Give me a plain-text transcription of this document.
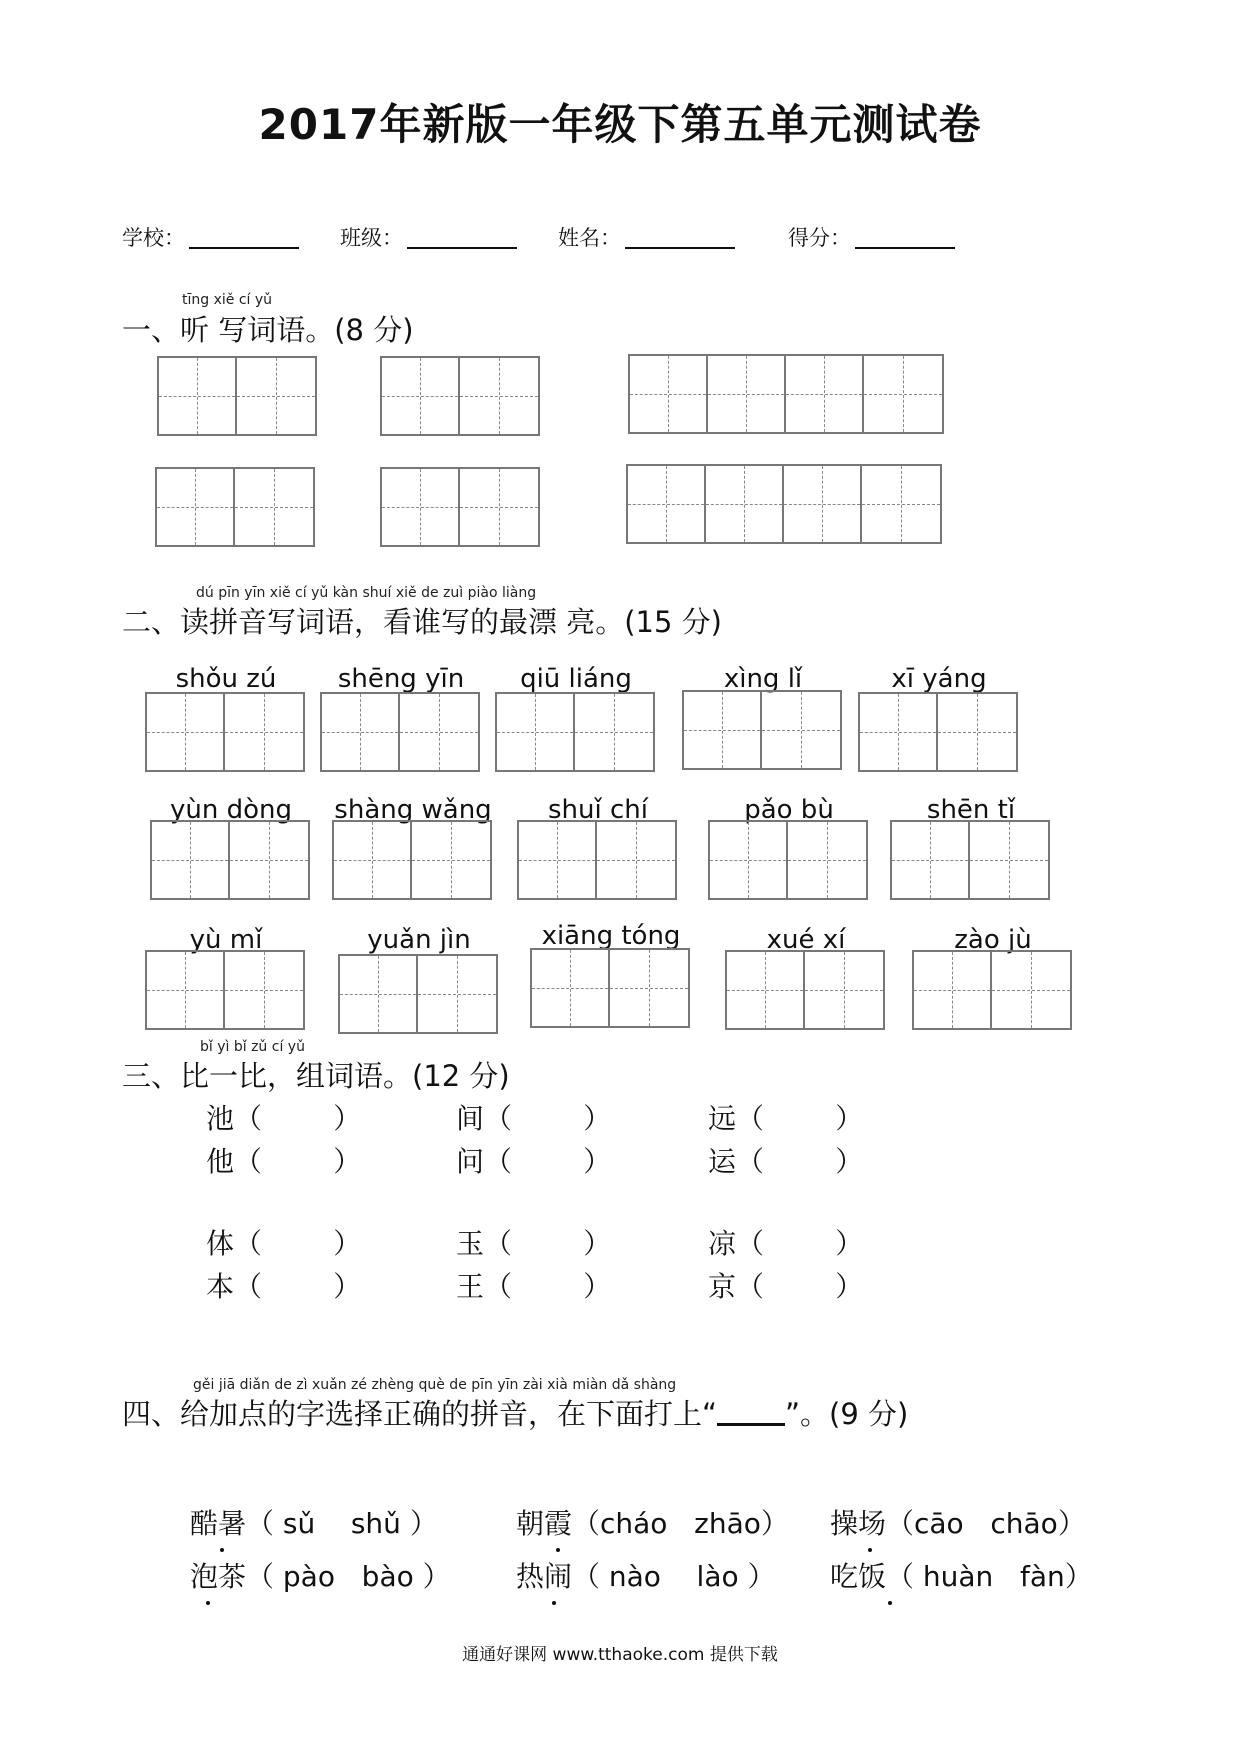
2017年新版一年级下第五单元测试卷
学校：	班级：	姓名：	得分：
tīng xiě cí yǔ
一、听 写词语。(8 分)
dú pīn yīn xiě cí yǔ kàn shuí xiě de zuì piào liàng
二、读拼音写词语，看谁写的最漂 亮。(15 分)
shǒu zú	shēng yīn	qiū liáng	xìng lǐ	xī yáng
yùn dòng	shàng wǎng	shuǐ chí	pǎo bù	shēn tǐ
yù mǐ	yuǎn jìn	xiāng tóng	xué xí	zào jù
bǐ yì bǐ zǔ cí yǔ
三、比一比，组词语。(12 分)
池（        ）	间（        ）	远（        ）
他（        ）	问（        ）	运（        ）
体（        ）	玉（        ）	凉（        ）
本（        ）	王（        ）	京（        ）
gěi jiā diǎn de zì xuǎn zé zhèng què de pīn yīn zài xià miàn dǎ shàng
四、给加点的字选择正确的拼音，在下面打上“ ”。(9 分)
酷暑（ sǔ    shǔ ）	朝霞（cháo   zhāo） 操场（cāo   chāo）
泡茶（ pào   bào ） 热闹（ nào    lào ） 吃饭（ huàn   fàn）
通通好课网 www.tthaoke.com 提供下载
